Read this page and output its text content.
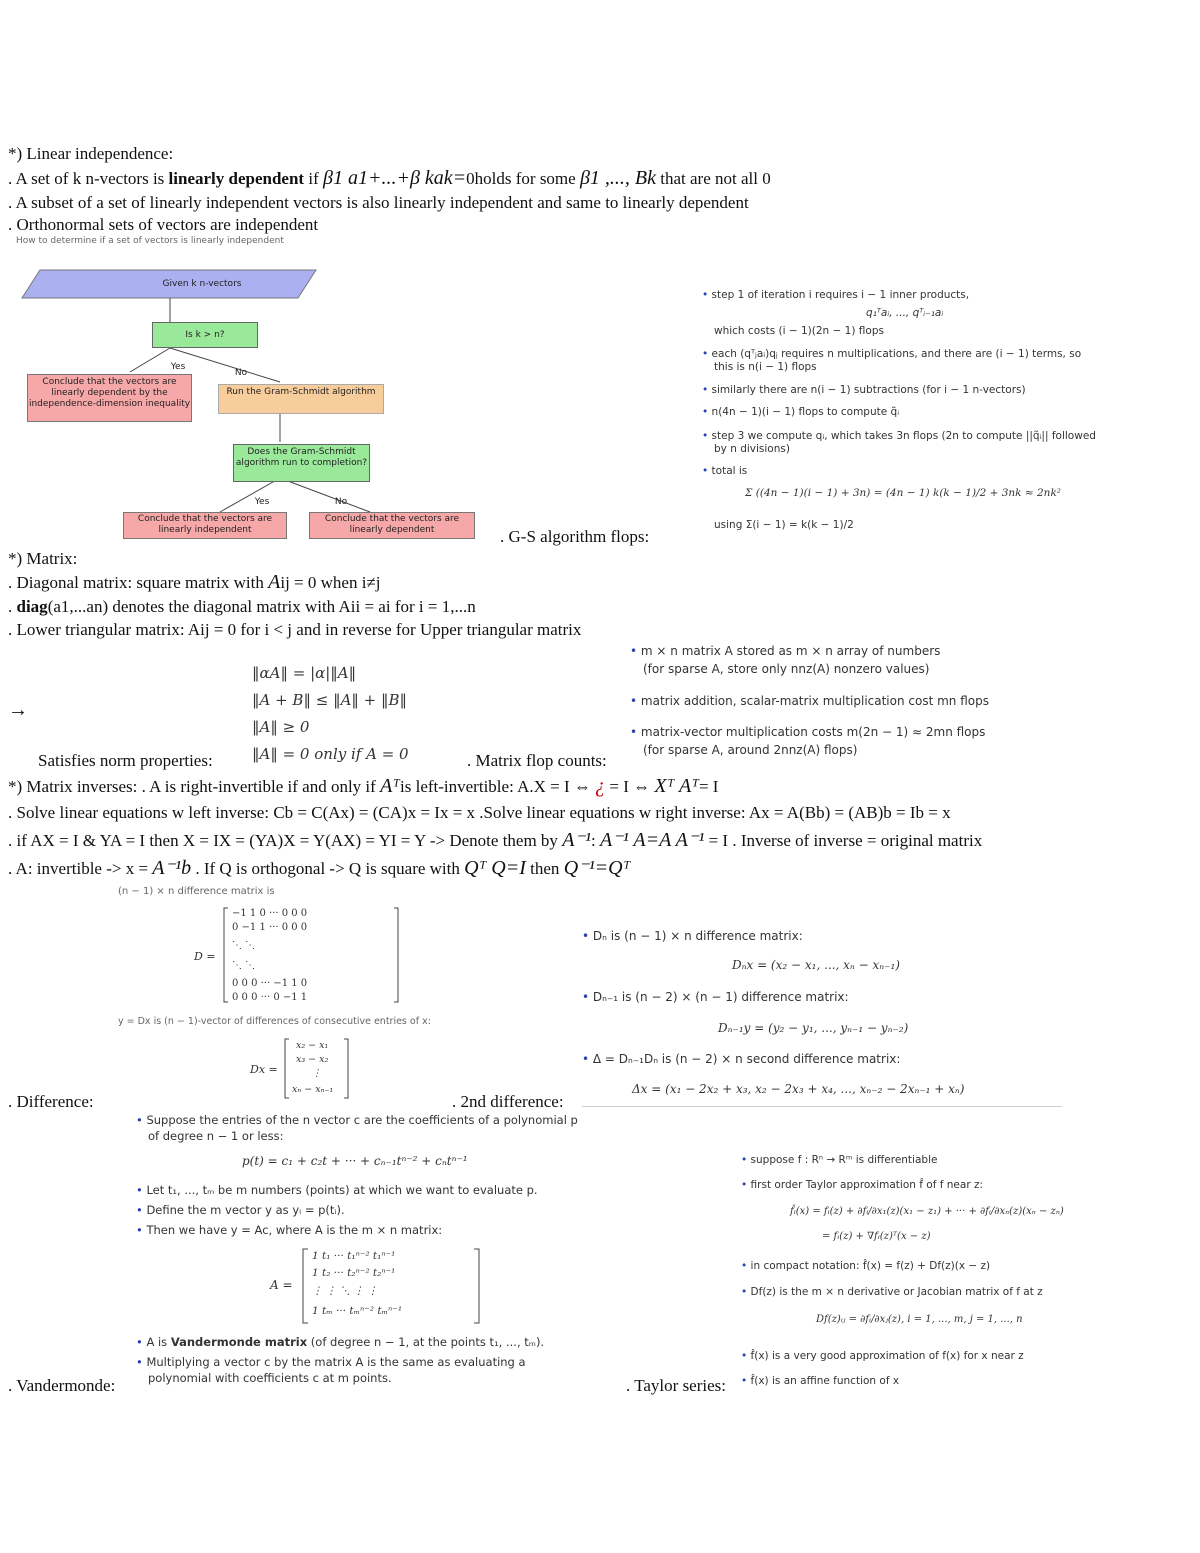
*) Linear independence:
. A set of k n-vectors is linearly dependent if β1 a1+...+β kak=0holds for some β1 ,..., Bk that are not all 0
. A subset of a set of linearly independent vectors is also linearly independent and same to linearly dependent
. Orthonormal sets of vectors are independent
How to determine if a set of vectors is linearly independent
Given k n-vectors
Is k > n?
Yes
No
Conclude that the vectors are linearly dependent by the independence-dimension inequality
Run the Gram-Schmidt algorithm
Does the Gram-Schmidt algorithm run to completion?
Yes	No
Conclude that the vectors are linearly independent
Conclude that the vectors are linearly dependent	. G-S algorithm flops:
• step 1 of iteration i requires i − 1 inner products,
q₁ᵀaᵢ, ..., qᵀᵢ₋₁aᵢ
which costs (i − 1)(2n − 1) flops
• each (qᵀⱼaᵢ)qⱼ requires n multiplications, and there are (i − 1) terms, so
this is n(i − 1) flops
• similarly there are n(i − 1) subtractions (for i − 1 n-vectors)
• n(4n − 1)(i − 1) flops to compute q̃ᵢ
• step 3 we compute qᵢ, which takes 3n flops (2n to compute ||q̃ᵢ|| followed
by n divisions)
• total is
Σ ((4n − 1)(i − 1) + 3n) = (4n − 1) k(k − 1)/2 + 3nk ≈ 2nk²
using Σ(i − 1) = k(k − 1)/2
*) Matrix:
. Diagonal matrix: square matrix with Aij = 0 when i≠j
. diag(a1,...an) denotes the diagonal matrix with Aii = ai for i = 1,...n
. Lower triangular matrix: Aij = 0 for i < j and in reverse for Upper triangular matrix
→
‖αA‖ = |α|‖A‖
‖A + B‖ ≤ ‖A‖ + ‖B‖
‖A‖ ≥ 0
‖A‖ = 0 only if A = 0
Satisfies norm properties:	. Matrix flop counts:
• m × n matrix A stored as m × n array of numbers
(for sparse A, store only nnz(A) nonzero values)
• matrix addition, scalar-matrix multiplication cost mn flops
• matrix-vector multiplication costs m(2n − 1) ≈ 2mn flops
(for sparse A, around 2nnz(A) flops)
*) Matrix inverses: . A is right-invertible if and only if Aᵀis left-invertible: A.X = I ⇔ ¿ = I ⇔ Xᵀ Aᵀ= I
. Solve linear equations w left inverse: Cb = C(Ax) = (CA)x = Ix = x .Solve linear equations w right inverse: Ax = A(Bb) = (AB)b = Ib = x
. if AX = I & YA = I then X = IX = (YA)X = Y(AX) = YI = Y -> Denote them by A⁻¹: A⁻¹ A=A A⁻¹ = I . Inverse of inverse = original matrix
. A: invertible -> x = A⁻¹b . If Q is orthogonal -> Q is square with Qᵀ Q=I then Q⁻¹=Qᵀ
(n − 1) × n difference matrix is
D =
−1 1 0 ··· 0 0 0
0 −1 1 ··· 0 0 0
⋱ ⋱
⋱ ⋱
0 0 0 ··· −1 1 0
0 0 0 ··· 0 −1 1
y = Dx is (n − 1)-vector of differences of consecutive entries of x:
Dx =
x₂ − x₁
x₃ − x₂
⋮
xₙ − xₙ₋₁
. Difference:	. 2nd difference:
• Dₙ is (n − 1) × n difference matrix:
Dₙx = (x₂ − x₁, ..., xₙ − xₙ₋₁)
• Dₙ₋₁ is (n − 2) × (n − 1) difference matrix:
Dₙ₋₁y = (y₂ − y₁, ..., yₙ₋₁ − yₙ₋₂)
• Δ = Dₙ₋₁Dₙ is (n − 2) × n second difference matrix:
Δx = (x₁ − 2x₂ + x₃, x₂ − 2x₃ + x₄, ..., xₙ₋₂ − 2xₙ₋₁ + xₙ)
• Suppose the entries of the n vector c are the coefficients of a polynomial p
of degree n − 1 or less:
p(t) = c₁ + c₂t + ··· + cₙ₋₁tⁿ⁻² + cₙtⁿ⁻¹
• Let t₁, ..., tₘ be m numbers (points) at which we want to evaluate p.
• Define the m vector y as yᵢ = p(tᵢ).
• Then we have y = Ac, where A is the m × n matrix:
A =
1 t₁ ··· t₁ⁿ⁻² t₁ⁿ⁻¹
1 t₂ ··· t₂ⁿ⁻² t₂ⁿ⁻¹
⋮ ⋮ ⋱ ⋮ ⋮
1 tₘ ··· tₘⁿ⁻² tₘⁿ⁻¹
• A is Vandermonde matrix (of degree n − 1, at the points t₁, ..., tₘ).
• Multiplying a vector c by the matrix A is the same as evaluating a
polynomial with coefficients c at m points.
. Vandermonde:
• suppose f : Rⁿ → Rᵐ is differentiable
• first order Taylor approximation f̂ of f near z:
f̂ᵢ(x) = fᵢ(z) + ∂fᵢ/∂x₁(z)(x₁ − z₁) + ··· + ∂fᵢ/∂xₙ(z)(xₙ − zₙ)
= fᵢ(z) + ∇fᵢ(z)ᵀ(x − z)
• in compact notation: f̂(x) = f(z) + Df(z)(x − z)
• Df(z) is the m × n derivative or Jacobian matrix of f at z
Df(z)ᵢⱼ = ∂fᵢ/∂xⱼ(z), i = 1, ..., m, j = 1, ..., n
• f̂(x) is a very good approximation of f(x) for x near z
. Taylor series: • f̂(x) is an affine function of x
